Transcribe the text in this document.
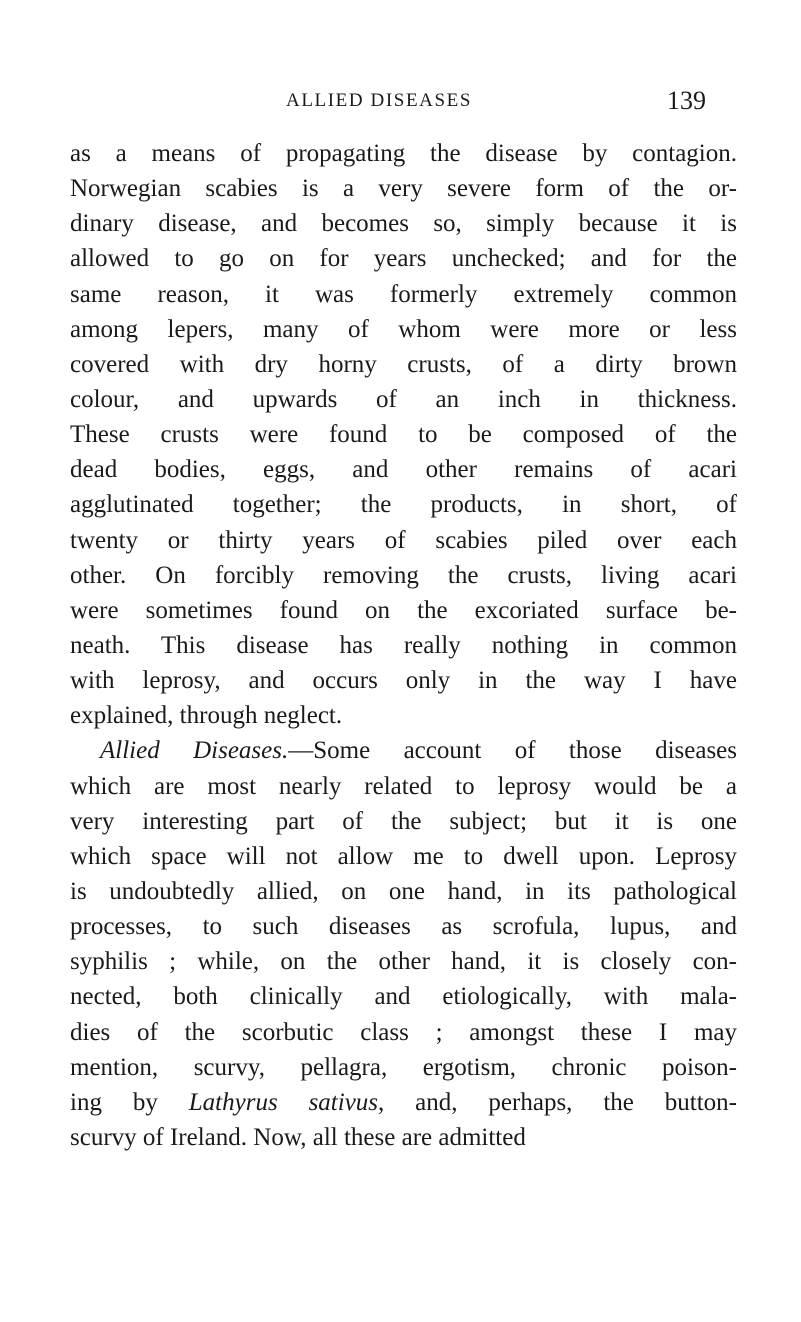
ALLIED DISEASES	139
as a means of propagating the disease by contagion.
Norwegian scabies is a very severe form of the or-
dinary disease, and becomes so, simply because it is
allowed to go on for years unchecked; and for the
same reason, it was formerly extremely common
among lepers, many of whom were more or less
covered with dry horny crusts, of a dirty brown
colour, and upwards of an inch in thickness.
These crusts were found to be composed of the
dead bodies, eggs, and other remains of acari
agglutinated together; the products, in short, of
twenty or thirty years of scabies piled over each
other. On forcibly removing the crusts, living acari
were sometimes found on the excoriated surface be-
neath. This disease has really nothing in common
with leprosy, and occurs only in the way I have
explained, through neglect.
Allied Diseases.—Some account of those diseases
which are most nearly related to leprosy would be a
very interesting part of the subject; but it is one
which space will not allow me to dwell upon. Leprosy
is undoubtedly allied, on one hand, in its pathological
processes, to such diseases as scrofula, lupus, and
syphilis ; while, on the other hand, it is closely con-
nected, both clinically and etiologically, with mala-
dies of the scorbutic class ; amongst these I may
mention, scurvy, pellagra, ergotism, chronic poison-
ing by Lathyrus sativus, and, perhaps, the button-
scurvy of Ireland. Now, all these are admitted
